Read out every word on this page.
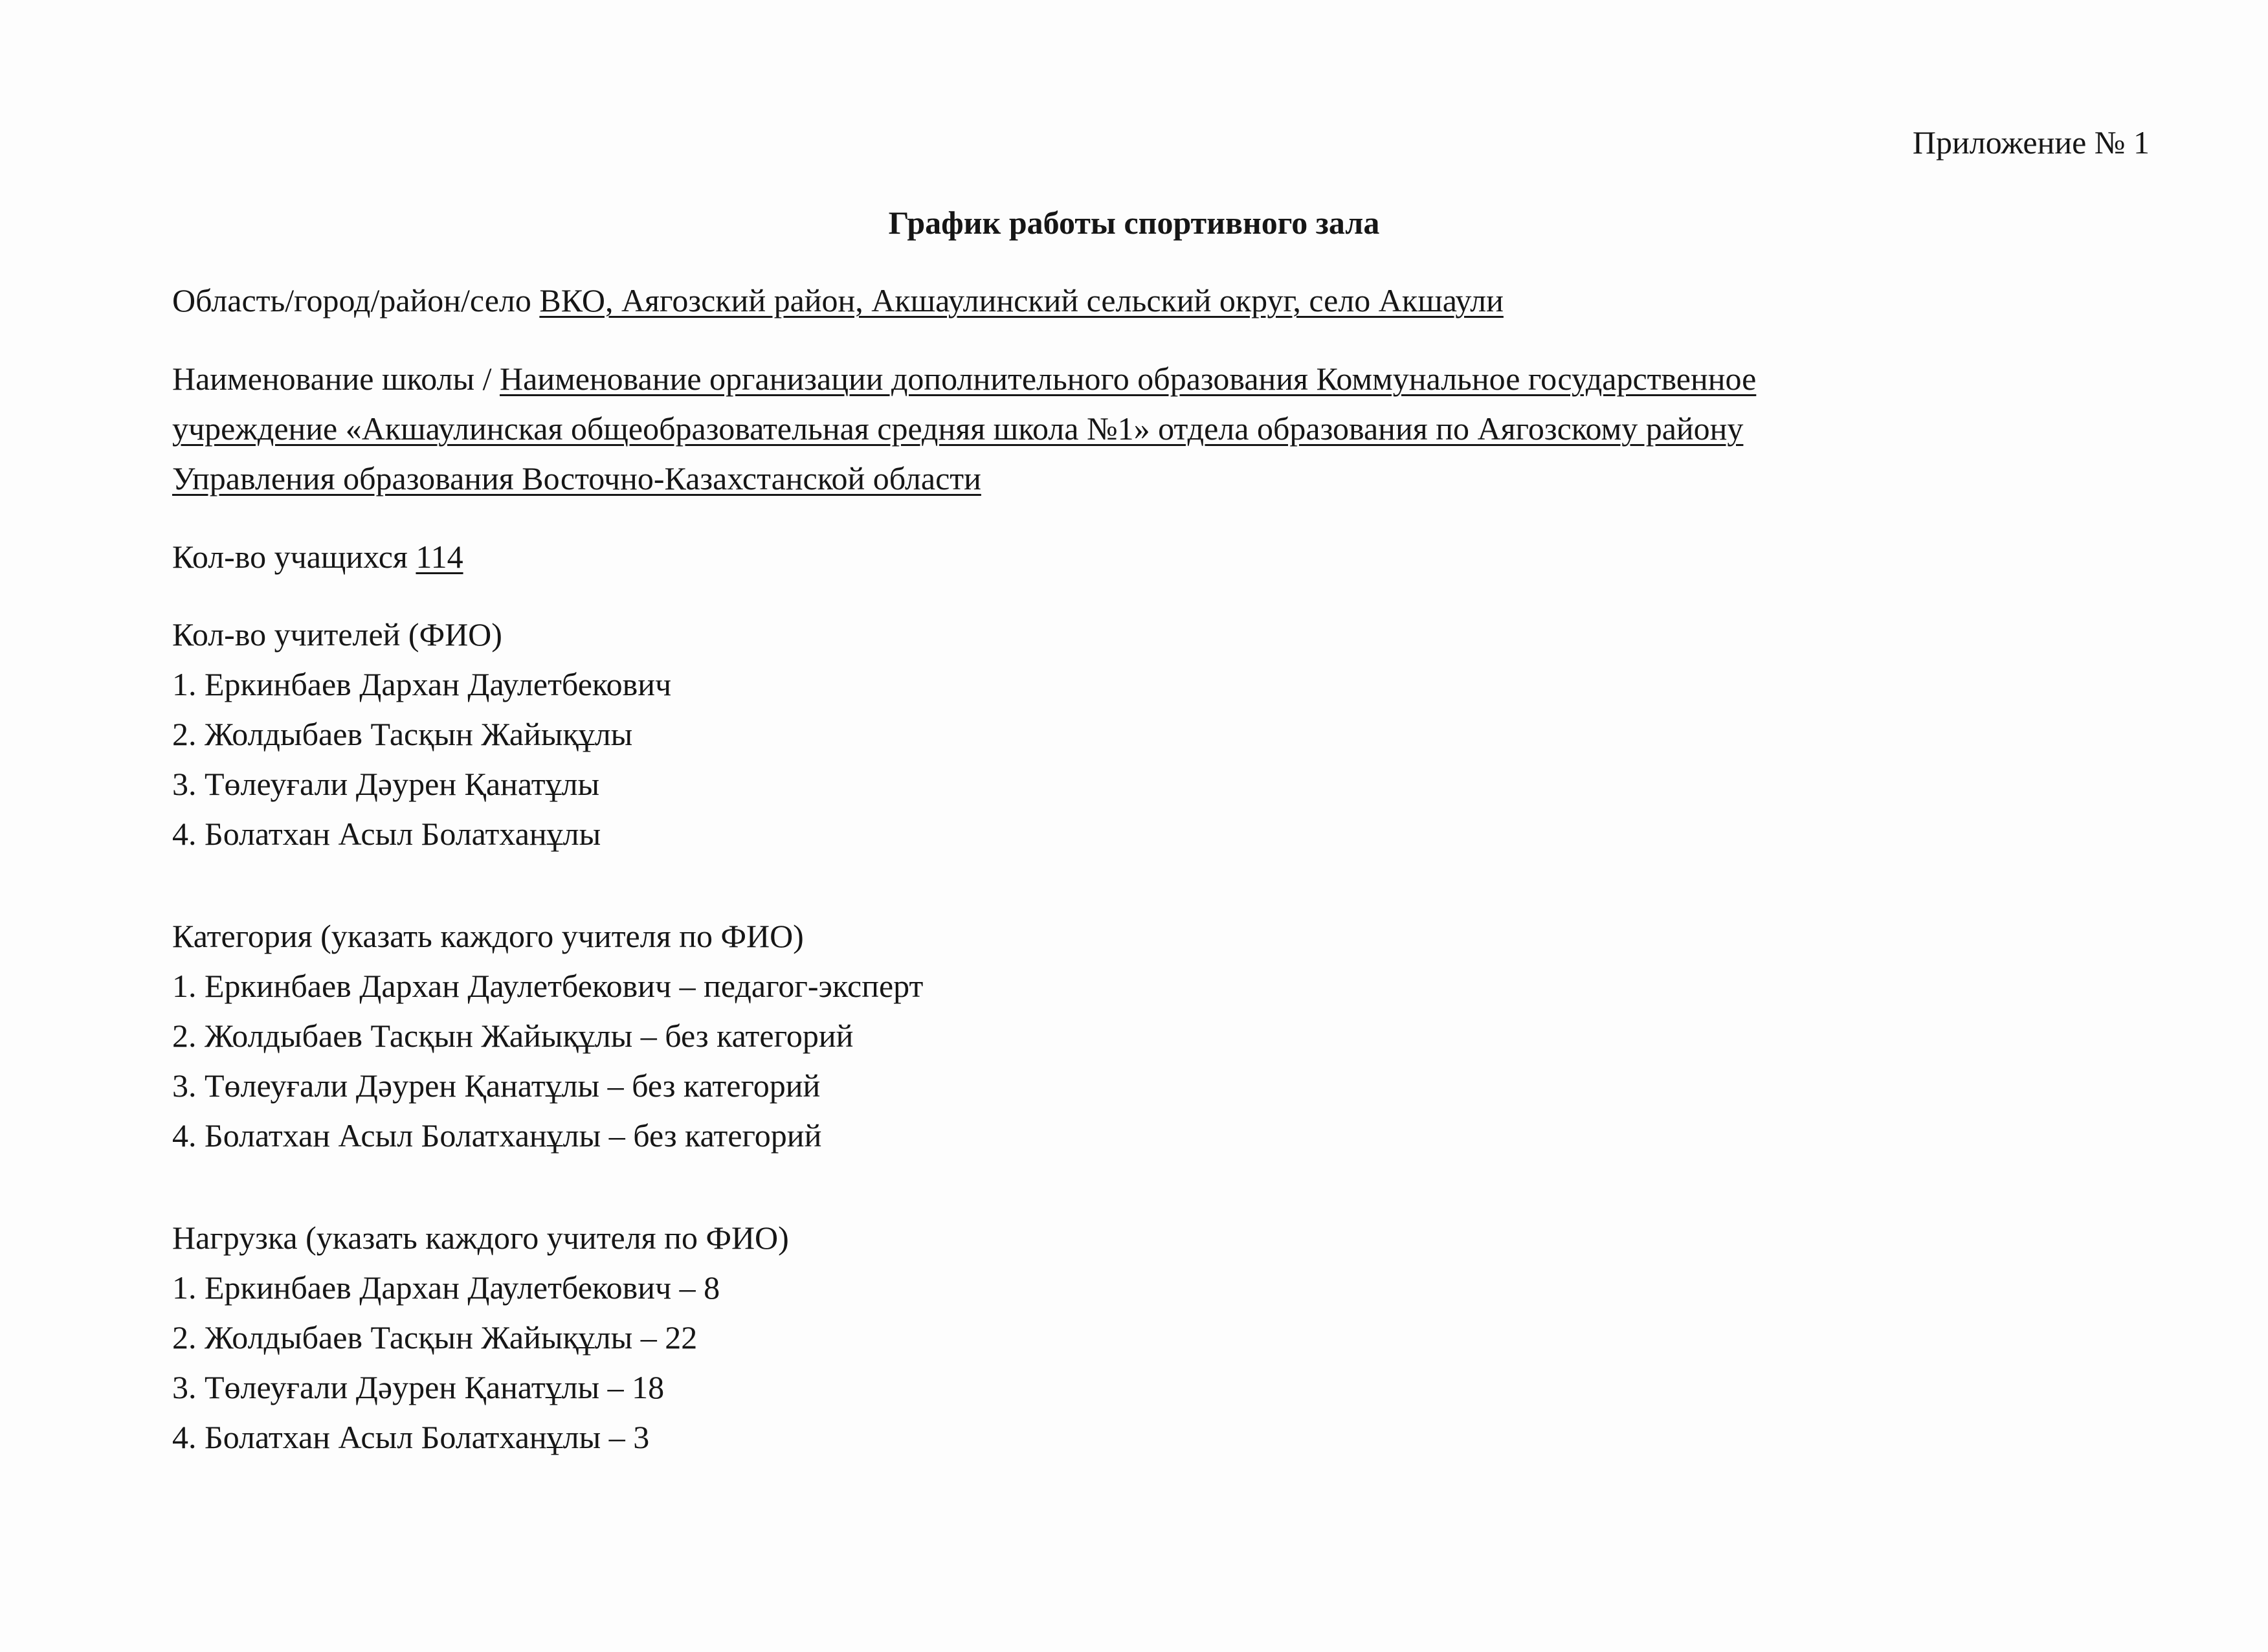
Приложение № 1
График работы спортивного зала
Область/город/район/село ВКО, Аягозский район, Акшаулинский сельский округ, село Акшаули
Наименование школы / Наименование организации дополнительного образования Коммунальное государственное
учреждение «Акшаулинская общеобразовательная средняя школа №1» отдела образования по Аягозскому району
Управления образования Восточно-Казахстанской области
Кол-во учащихся 114
Кол-во учителей (ФИО)
1. Еркинбаев Дархан Даулетбекович
2. Жолдыбаев Тасқын Жайықұлы
3. Төлеуғали Дәурен Қанатұлы
4. Болатхан Асыл Болатханұлы
Категория (указать каждого учителя по ФИО)
1. Еркинбаев Дархан Даулетбекович – педагог-эксперт
2. Жолдыбаев Тасқын Жайықұлы – без категорий
3. Төлеуғали Дәурен Қанатұлы – без категорий
4. Болатхан Асыл Болатханұлы – без категорий
Нагрузка (указать каждого учителя по ФИО)
1. Еркинбаев Дархан Даулетбекович – 8
2. Жолдыбаев Тасқын Жайықұлы – 22
3. Төлеуғали Дәурен Қанатұлы – 18
4. Болатхан Асыл Болатханұлы – 3
